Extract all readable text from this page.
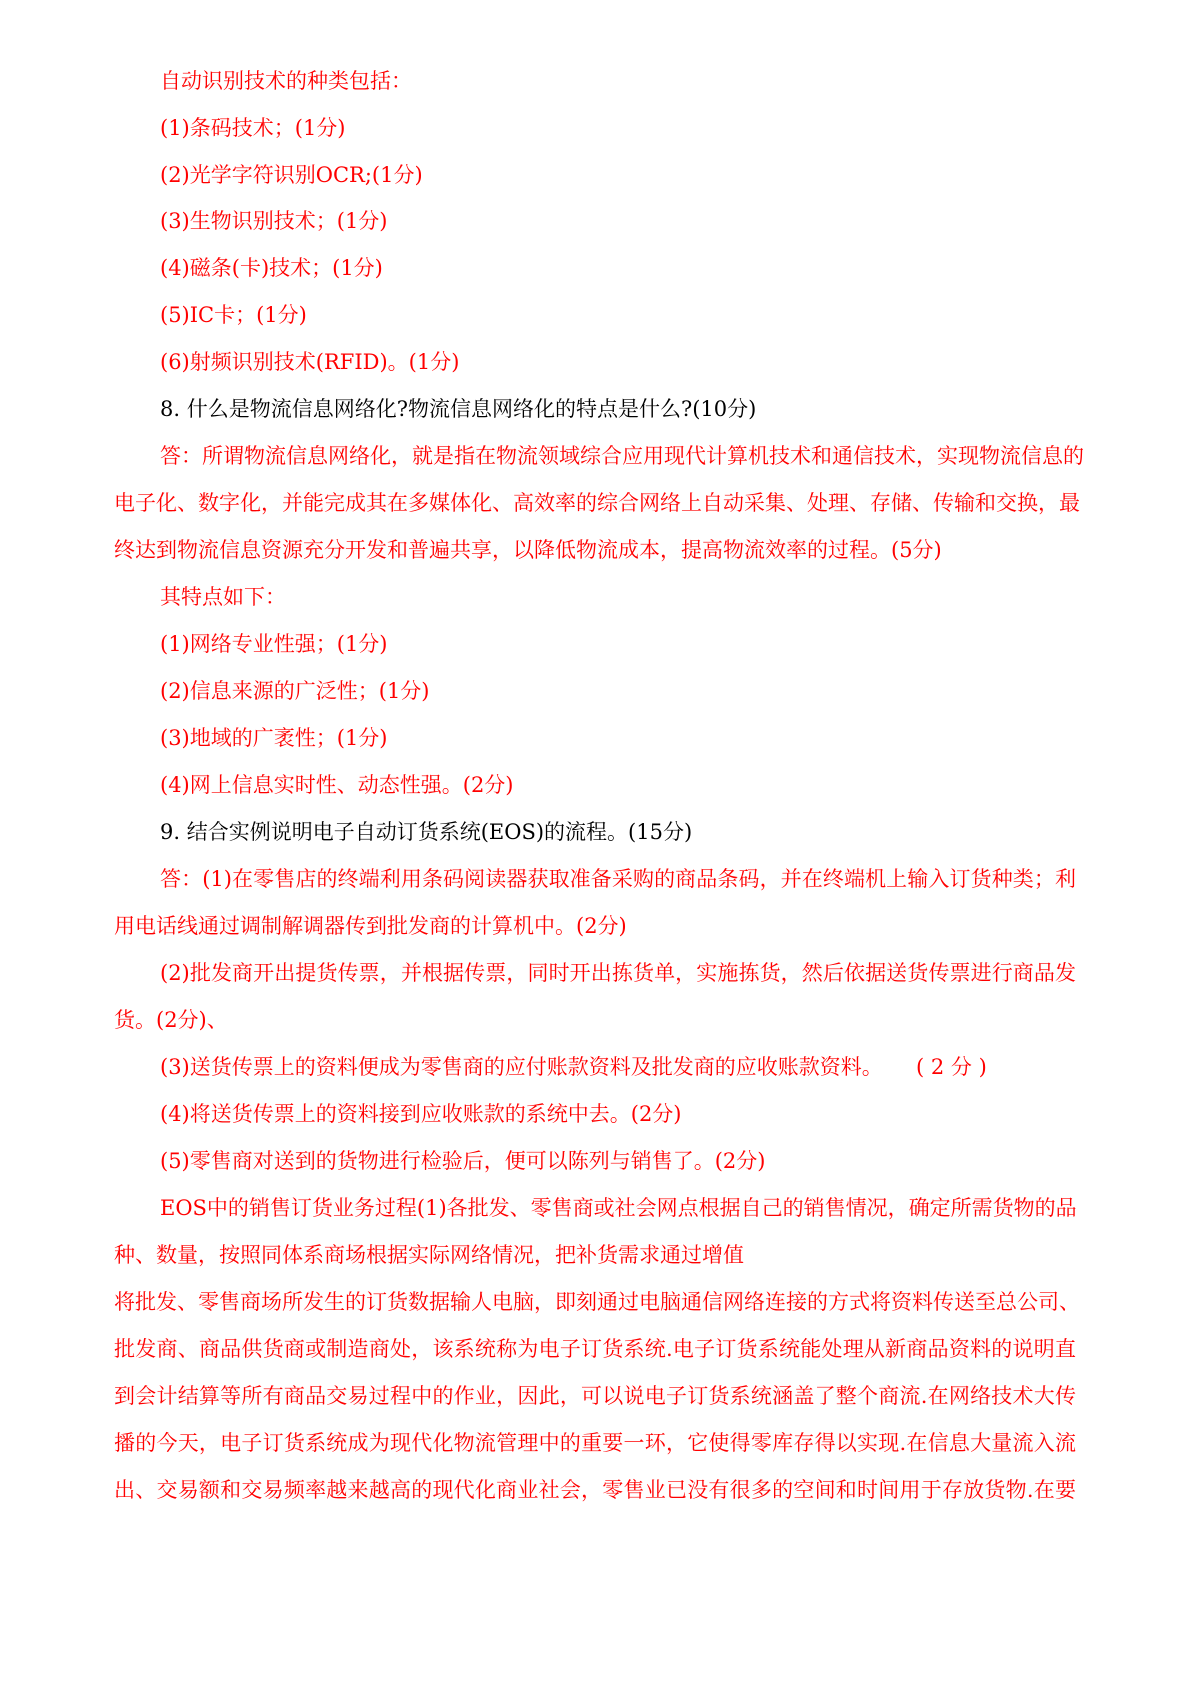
自动识别技术的种类包括：

(1)条码技术；(1分)

(2)光学字符识别OCR;(1分)

(3)生物识别技术；(1分)

(4)磁条(卡)技术；(1分)

(5)IC卡；(1分)

(6)射频识别技术(RFID)。(1分)

8. 什么是物流信息网络化?物流信息网络化的特点是什么?(10分)

答：所谓物流信息网络化，就是指在物流领域综合应用现代计算机技术和通信技术，实现物流信息的

电子化、数字化，并能完成其在多媒体化、高效率的综合网络上自动采集、处理、存储、传输和交换，最

终达到物流信息资源充分开发和普遍共享，以降低物流成本，提高物流效率的过程。(5分)

其特点如下：

(1)网络专业性强；(1分)

(2)信息来源的广泛性；(1分)

(3)地域的广袤性；(1分)

(4)网上信息实时性、动态性强。(2分)

9. 结合实例说明电子自动订货系统(EOS)的流程。(15分)

答：(1)在零售店的终端利用条码阅读器获取准备采购的商品条码，并在终端机上输入订货种类；利

用电话线通过调制解调器传到批发商的计算机中。(2分)

(2)批发商开出提货传票，并根据传票，同时开出拣货单，实施拣货，然后依据送货传票进行商品发

货。(2分)、

(3)送货传票上的资料便成为零售商的应付账款资料及批发商的应收账款资料。 ( 2 分 )

(4)将送货传票上的资料接到应收账款的系统中去。(2分)

(5)零售商对送到的货物进行检验后，便可以陈列与销售了。(2分)

EOS中的销售订货业务过程(1)各批发、零售商或社会网点根据自己的销售情况，确定所需货物的品

种、数量，按照同体系商场根据实际网络情况，把补货需求通过增值

将批发、零售商场所发生的订货数据输人电脑，即刻通过电脑通信网络连接的方式将资料传送至总公司、

批发商、商品供货商或制造商处，该系统称为电子订货系统.电子订货系统能处理从新商品资料的说明直

到会计结算等所有商品交易过程中的作业，因此，可以说电子订货系统涵盖了整个商流.在网络技术大传

播的今天，电子订货系统成为现代化物流管理中的重要一环，它使得零库存得以实现.在信息大量流入流

出、交易额和交易频率越来越高的现代化商业社会，零售业已没有很多的空间和时间用于存放货物.在要
